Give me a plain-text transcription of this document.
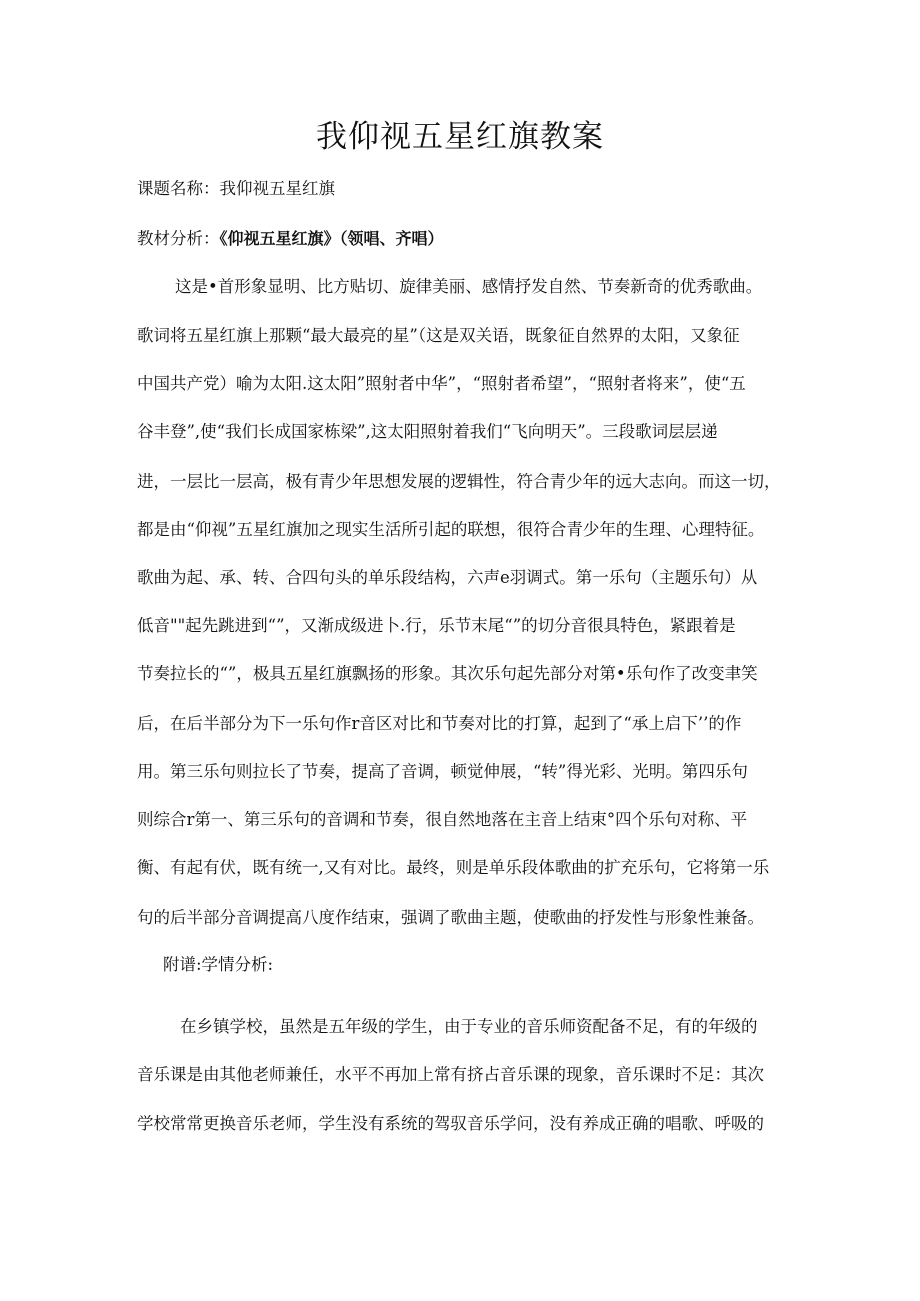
我仰视五星红旗教案
课题名称：我仰视五星红旗
教材分析：《仰视五星红旗》（领唱、齐唱）
这是•首形象显明、比方贴切、旋律美丽、感情抒发自然、节奏新奇的优秀歌曲。
歌词将五星红旗上那颗“最大最亮的星”（这是双关语，既象征自然界的太阳，又象征
中国共产党）喻为太阳.这太阳”照射者中华”，“照射者希望”，“照射者将来”，使“五
谷丰登”,使“我们长成国家栋梁”,这太阳照射着我们“飞向明天”。三段歌词层层递
进，一层比一层高，极有青少年思想发展的逻辑性，符合青少年的远大志向。而这一切，
都是由“仰视”五星红旗加之现实生活所引起的联想，很符合青少年的生理、心理特征。
歌曲为起、承、转、合四句头的单乐段结构，六声e羽调式。第一乐句（主题乐句）从
低音""起先跳进到“”，又渐成级进卜.行，乐节末尾“”的切分音很具特色，紧跟着是
节奏拉长的“”，极具五星红旗飘扬的形象。其次乐句起先部分对第•乐句作了改变聿笑
后，在后半部分为下一乐句作r音区对比和节奏对比的打算，起到了“承上启下’’的作
用。第三乐句则拉长了节奏，提高了音调，顿觉伸展，“转”得光彩、光明。第四乐句
则综合r第一、第三乐句的音调和节奏，很自然地落在主音上结束°四个乐句对称、平
衡、有起有伏，既有统一,又有对比。最终，则是单乐段体歌曲的扩充乐句，它将第一乐
句的后半部分音调提高八度作结束，强调了歌曲主题，使歌曲的抒发性与形象性兼备。
附谱:学情分析:
在乡镇学校，虽然是五年级的学生，由于专业的音乐师资配备不足，有的年级的
音乐课是由其他老师兼任，水平不再加上常有挤占音乐课的现象，音乐课时不足：其次
学校常常更换音乐老师，学生没有系统的驾驭音乐学问，没有养成正确的唱歌、呼吸的
